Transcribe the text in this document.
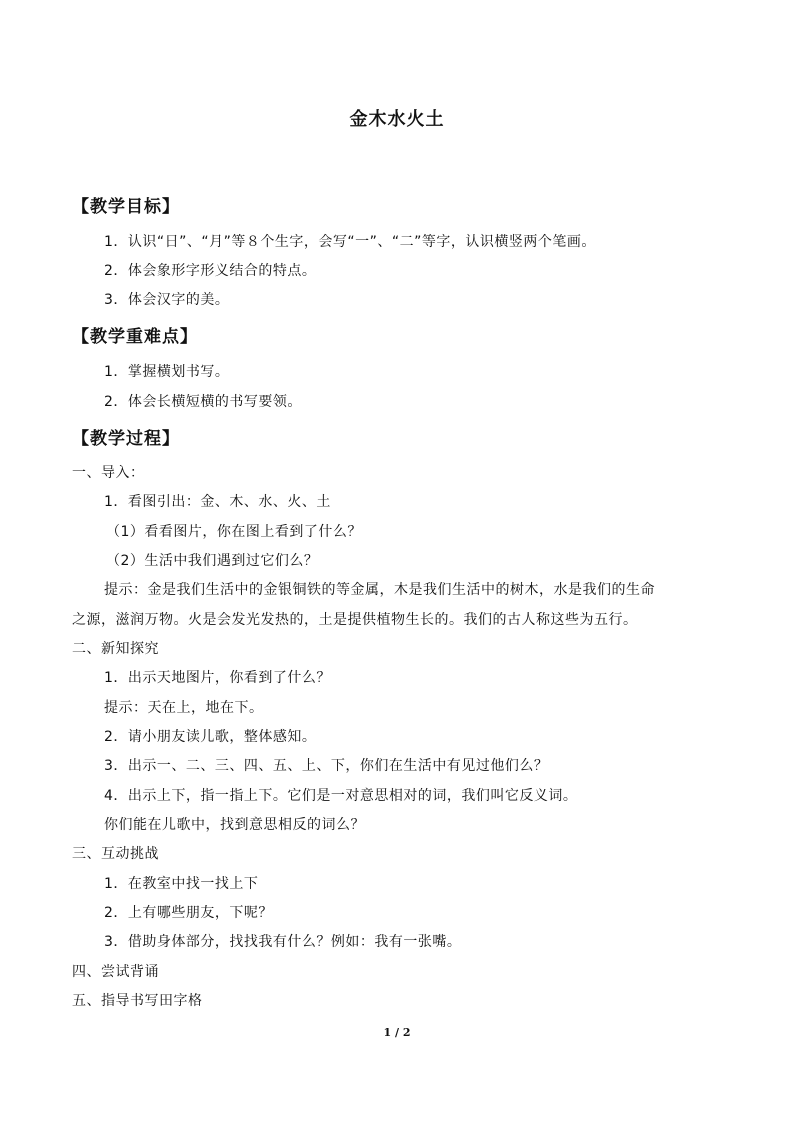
金木水火土
【教学目标】
1．认识“日”、“月”等８个生字，会写“一”、“二”等字，认识横竖两个笔画。
2．体会象形字形义结合的特点。
3．体会汉字的美。
【教学重难点】
1．掌握横划书写。
2．体会长横短横的书写要领。
【教学过程】
一、导入：
1．看图引出：金、木、水、火、土
（1）看看图片，你在图上看到了什么？
（2）生活中我们遇到过它们么？
提示：金是我们生活中的金银铜铁的等金属，木是我们生活中的树木，水是我们的生命
之源，滋润万物。火是会发光发热的，土是提供植物生长的。我们的古人称这些为五行。
二、新知探究
1．出示天地图片，你看到了什么？
提示：天在上，地在下。
2．请小朋友读儿歌，整体感知。
3．出示一、二、三、四、五、上、下，你们在生活中有见过他们么？
4．出示上下，指一指上下。它们是一对意思相对的词，我们叫它反义词。
你们能在儿歌中，找到意思相反的词么？
三、互动挑战
1．在教室中找一找上下
2．上有哪些朋友，下呢？
3．借助身体部分，找找我有什么？例如：我有一张嘴。
四、尝试背诵
五、指导书写田字格
1 / 2
